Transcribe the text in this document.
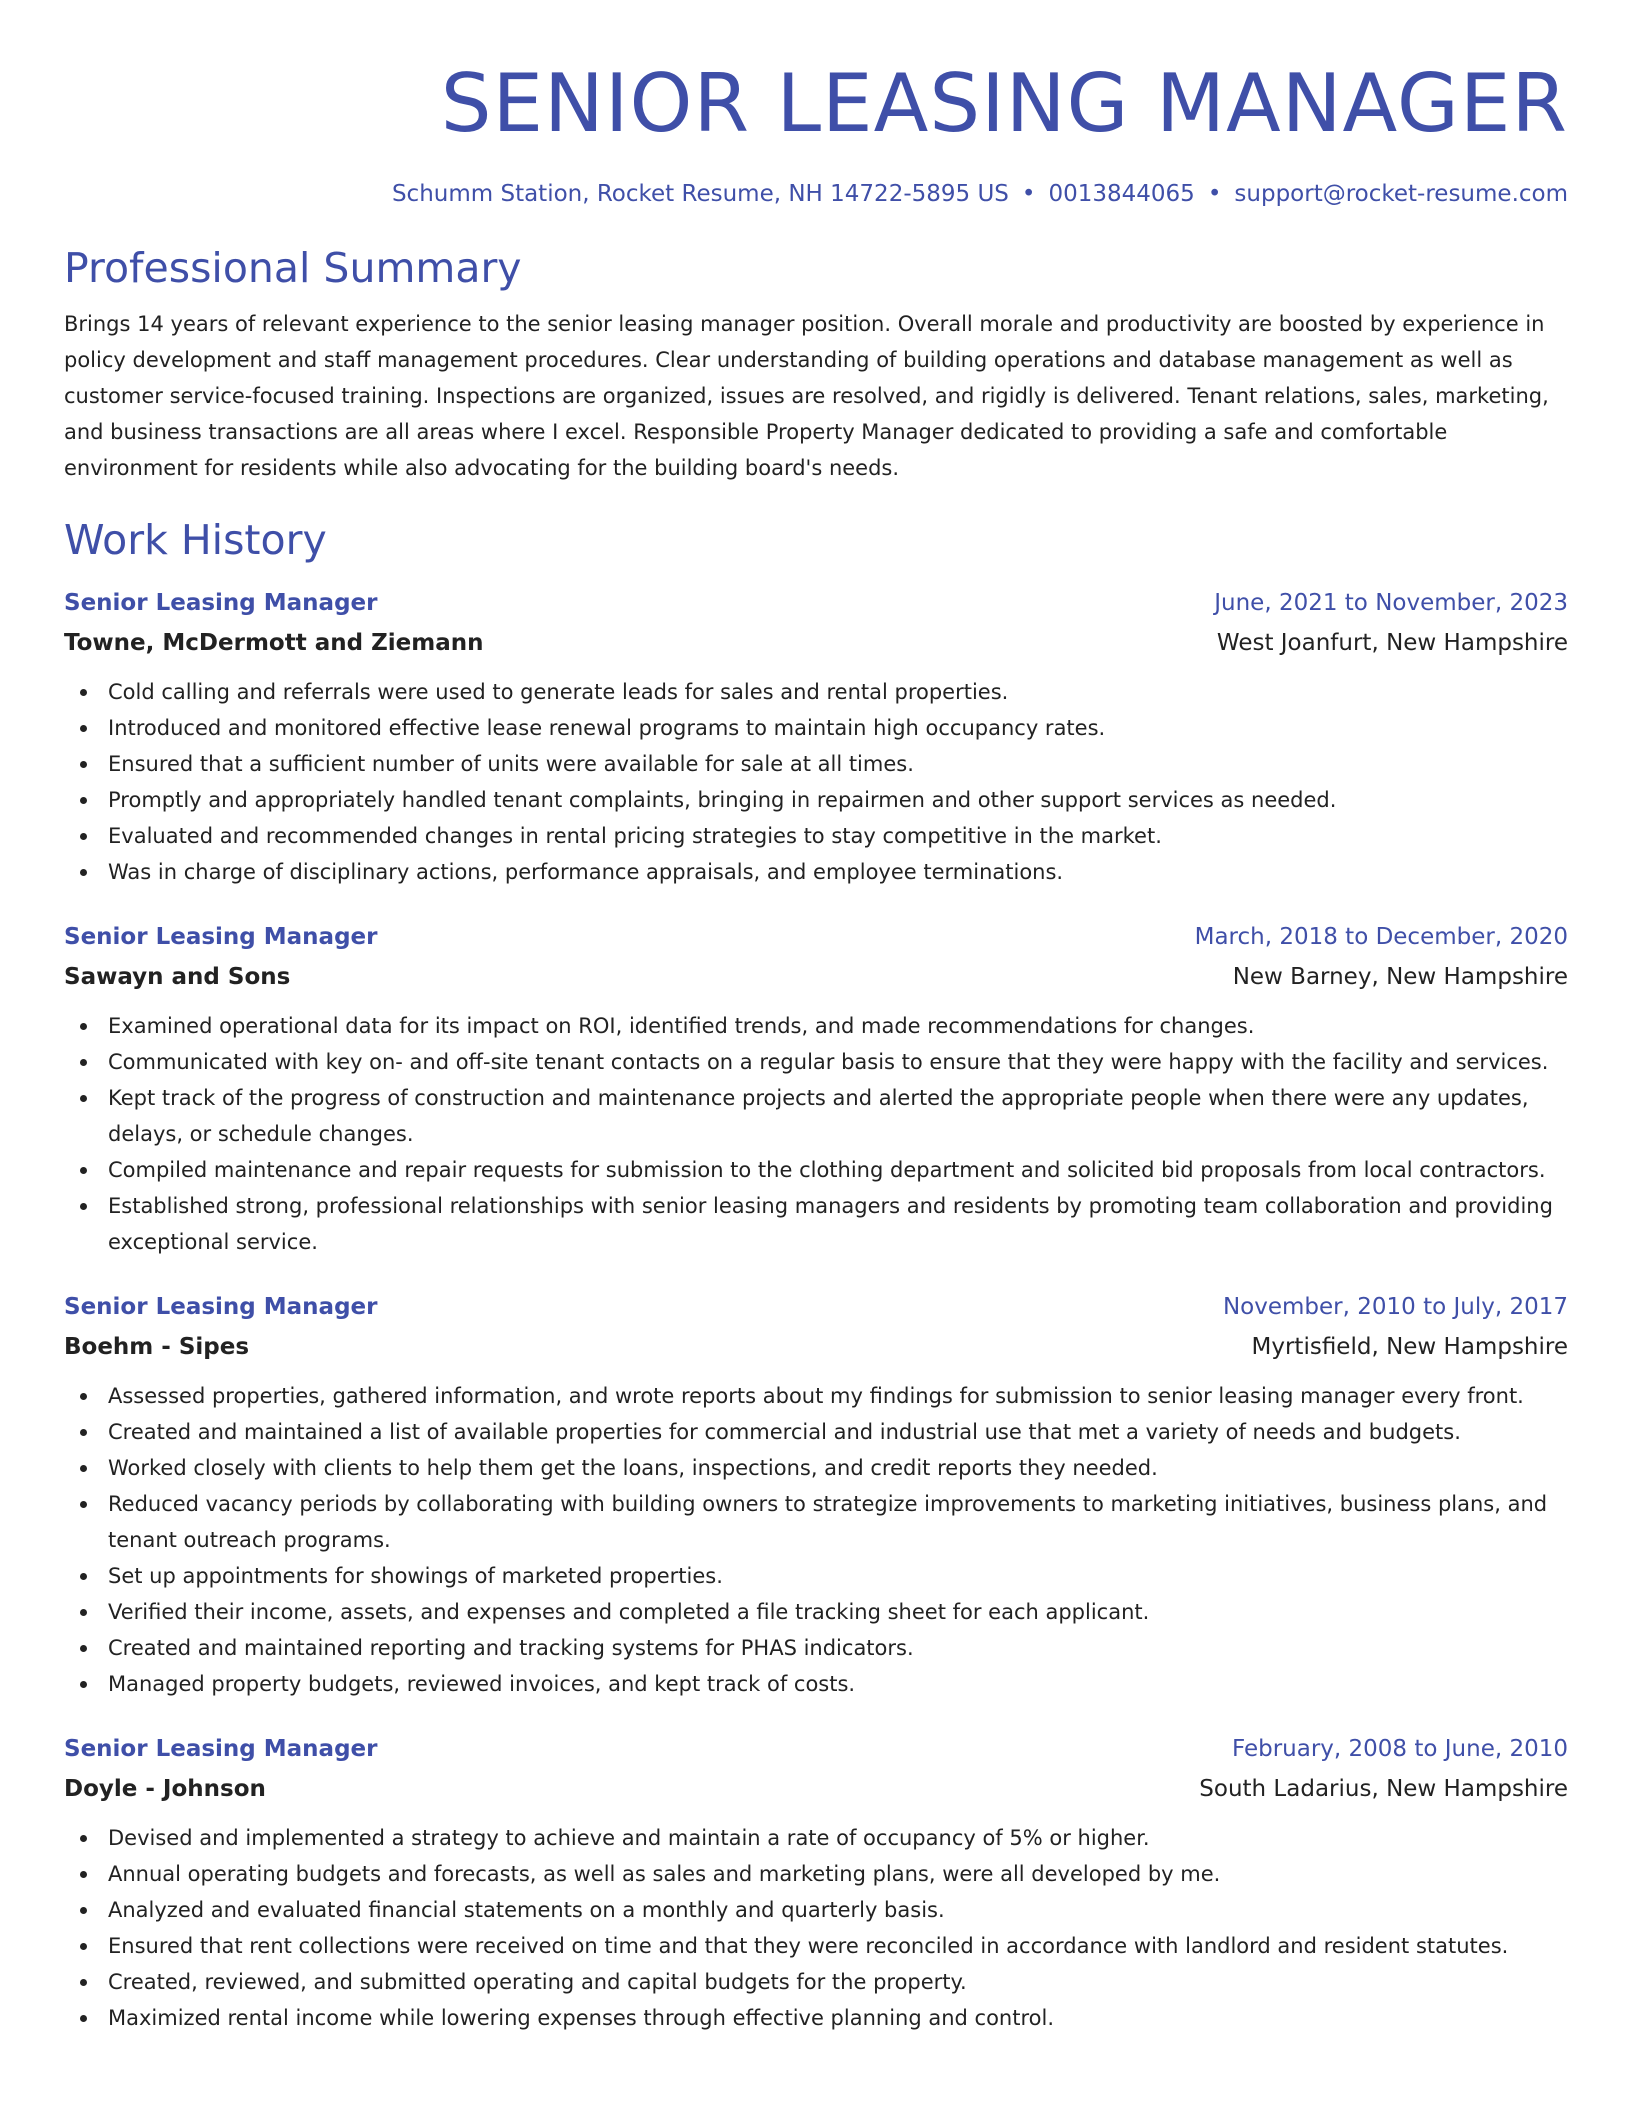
SENIOR LEASING MANAGER
Schumm Station, Rocket Resume, NH 14722-5895 US • 0013844065 • support@rocket-resume.com
Professional Summary

Brings 14 years of relevant experience to the senior leasing manager position. Overall morale and productivity are boosted by experience in policy development and staff management procedures. Clear understanding of building operations and database management as well as customer service-focused training. Inspections are organized, issues are resolved, and rigidly is delivered. Tenant relations, sales, marketing, and business transactions are all areas where I excel. Responsible Property Manager dedicated to providing a safe and comfortable environment for residents while also advocating for the building board's needs.

Work History
Senior Leasing Manager	June, 2021 to November, 2023
Towne, McDermott and Ziemann	West Joanfurt, New Hampshire
Cold calling and referrals were used to generate leads for sales and rental properties.
Introduced and monitored effective lease renewal programs to maintain high occupancy rates.
Ensured that a sufficient number of units were available for sale at all times.
Promptly and appropriately handled tenant complaints, bringing in repairmen and other support services as needed.
Evaluated and recommended changes in rental pricing strategies to stay competitive in the market.
Was in charge of disciplinary actions, performance appraisals, and employee terminations.
Senior Leasing Manager	March, 2018 to December, 2020
Sawayn and Sons	New Barney, New Hampshire
Examined operational data for its impact on ROI, identified trends, and made recommendations for changes.
Communicated with key on- and off-site tenant contacts on a regular basis to ensure that they were happy with the facility and services.
Kept track of the progress of construction and maintenance projects and alerted the appropriate people when there were any updates, delays, or schedule changes.
Compiled maintenance and repair requests for submission to the clothing department and solicited bid proposals from local contractors.
Established strong, professional relationships with senior leasing managers and residents by promoting team collaboration and providing exceptional service.
Senior Leasing Manager	November, 2010 to July, 2017
Boehm - Sipes	Myrtisfield, New Hampshire
Assessed properties, gathered information, and wrote reports about my findings for submission to senior leasing manager every front.
Created and maintained a list of available properties for commercial and industrial use that met a variety of needs and budgets.
Worked closely with clients to help them get the loans, inspections, and credit reports they needed.
Reduced vacancy periods by collaborating with building owners to strategize improvements to marketing initiatives, business plans, and tenant outreach programs.
Set up appointments for showings of marketed properties.
Verified their income, assets, and expenses and completed a file tracking sheet for each applicant.
Created and maintained reporting and tracking systems for PHAS indicators.
Managed property budgets, reviewed invoices, and kept track of costs.
Senior Leasing Manager	February, 2008 to June, 2010
Doyle - Johnson	South Ladarius, New Hampshire
Devised and implemented a strategy to achieve and maintain a rate of occupancy of 5% or higher.
Annual operating budgets and forecasts, as well as sales and marketing plans, were all developed by me.
Analyzed and evaluated financial statements on a monthly and quarterly basis.
Ensured that rent collections were received on time and that they were reconciled in accordance with landlord and resident statutes.
Created, reviewed, and submitted operating and capital budgets for the property.
Maximized rental income while lowering expenses through effective planning and control.
